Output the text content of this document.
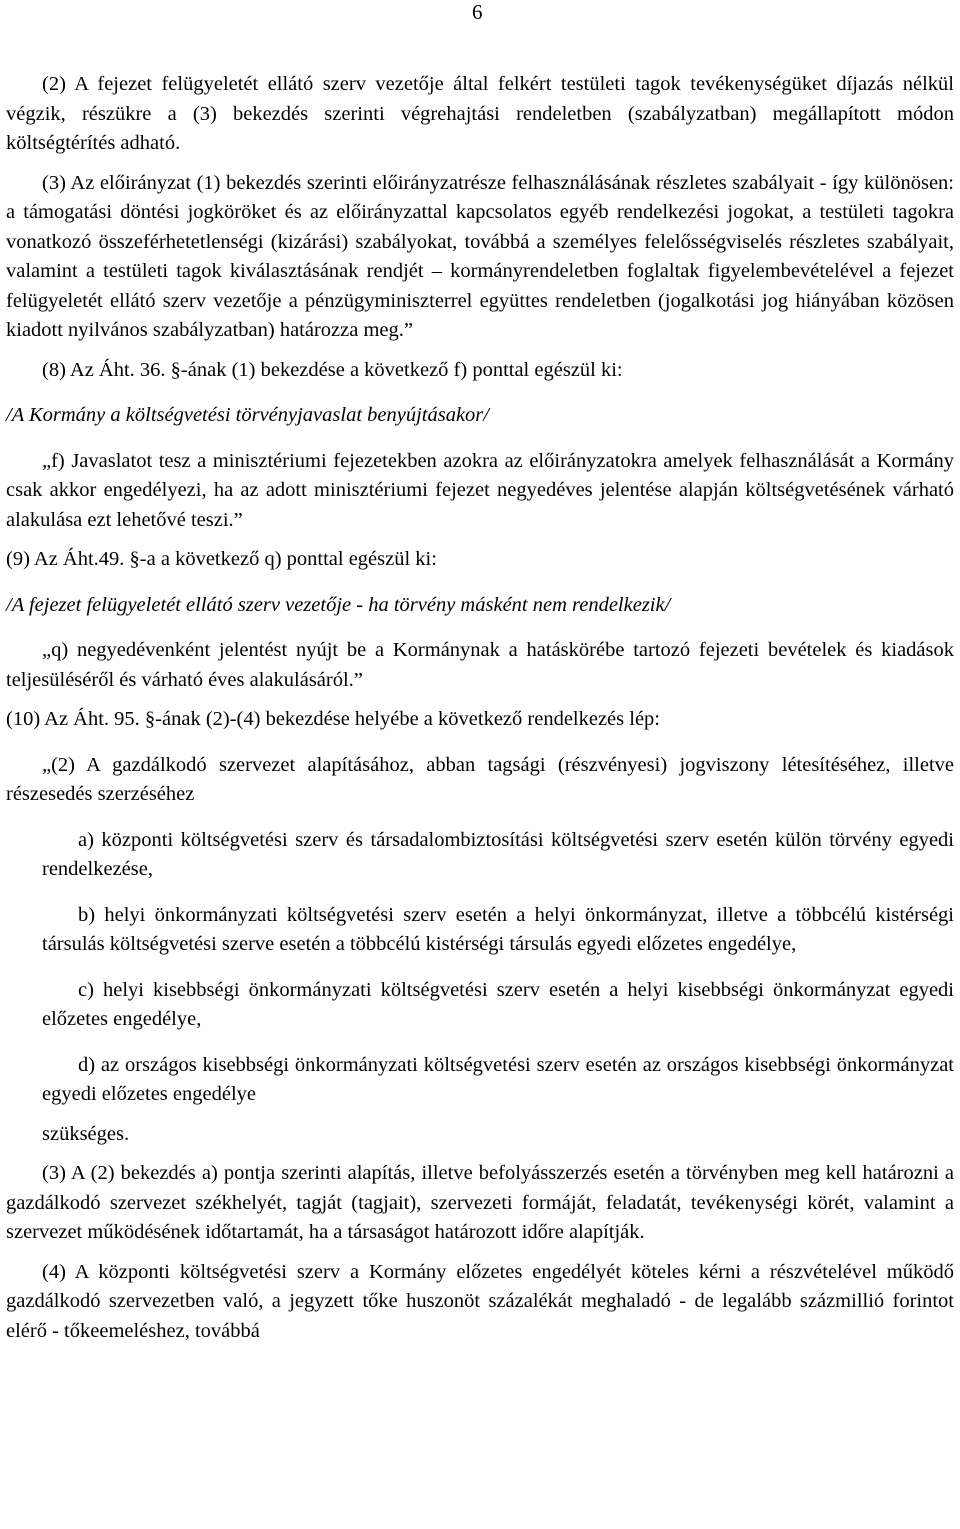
6

(2) A fejezet felügyeletét ellátó szerv vezetője által felkért testületi tagok tevékenységüket díjazás nélkül végzik, részükre a (3) bekezdés szerinti végrehajtási rendeletben (szabályzatban) megállapított módon költségtérítés adható.

(3) Az előirányzat (1) bekezdés szerinti előirányzatrésze felhasználásának részletes szabályait - így különösen: a támogatási döntési jogköröket és az előirányzattal kapcsolatos egyéb rendelkezési jogokat, a testületi tagokra vonatkozó összeférhetetlenségi (kizárási) szabályokat, továbbá a személyes felelősségviselés részletes szabályait, valamint a testületi tagok kiválasztásának rendjét – kormányrendeletben foglaltak figyelembevételével a fejezet felügyeletét ellátó szerv vezetője a pénzügyminiszterrel együttes rendeletben (jogalkotási jog hiányában közösen kiadott nyilvános szabályzatban) határozza meg.”

(8) Az Áht. 36. §-ának (1) bekezdése a következő f) ponttal egészül ki:

/A Kormány a költségvetési törvényjavaslat benyújtásakor/

„f) Javaslatot tesz a minisztériumi fejezetekben azokra az előirányzatokra amelyek felhasználását a Kormány csak akkor engedélyezi, ha az adott minisztériumi fejezet negyedéves jelentése alapján költségvetésének várható alakulása ezt lehetővé teszi.”

(9) Az Áht.49. §-a a következő q) ponttal egészül ki:

/A fejezet felügyeletét ellátó szerv vezetője - ha törvény másként nem rendelkezik/

„q) negyedévenként jelentést nyújt be a Kormánynak a hatáskörébe tartozó fejezeti bevételek és kiadások teljesüléséről és várható éves alakulásáról.”

(10) Az Áht. 95. §-ának (2)-(4) bekezdése helyébe a következő rendelkezés lép:

„(2) A gazdálkodó szervezet alapításához, abban tagsági (részvényesi) jogviszony létesítéséhez, illetve részesedés szerzéséhez

a) központi költségvetési szerv és társadalombiztosítási költségvetési szerv esetén külön törvény egyedi rendelkezése,

b) helyi önkormányzati költségvetési szerv esetén a helyi önkormányzat, illetve a többcélú kistérségi társulás költségvetési szerve esetén a többcélú kistérségi társulás egyedi előzetes engedélye,

c) helyi kisebbségi önkormányzati költségvetési szerv esetén a helyi kisebbségi önkormányzat egyedi előzetes engedélye,

d) az országos kisebbségi önkormányzati költségvetési szerv esetén az országos kisebbségi önkormányzat egyedi előzetes engedélye

szükséges.

(3) A (2) bekezdés a) pontja szerinti alapítás, illetve befolyásszerzés esetén a törvényben meg kell határozni a gazdálkodó szervezet székhelyét, tagját (tagjait), szervezeti formáját, feladatát, tevékenységi körét, valamint a szervezet működésének időtartamát, ha a társaságot határozott időre alapítják.

(4) A központi költségvetési szerv a Kormány előzetes engedélyét köteles kérni a részvételével működő gazdálkodó szervezetben való, a jegyzett tőke huszonöt százalékát meghaladó - de legalább százmillió forintot elérő - tőkeemeléshez, továbbá
